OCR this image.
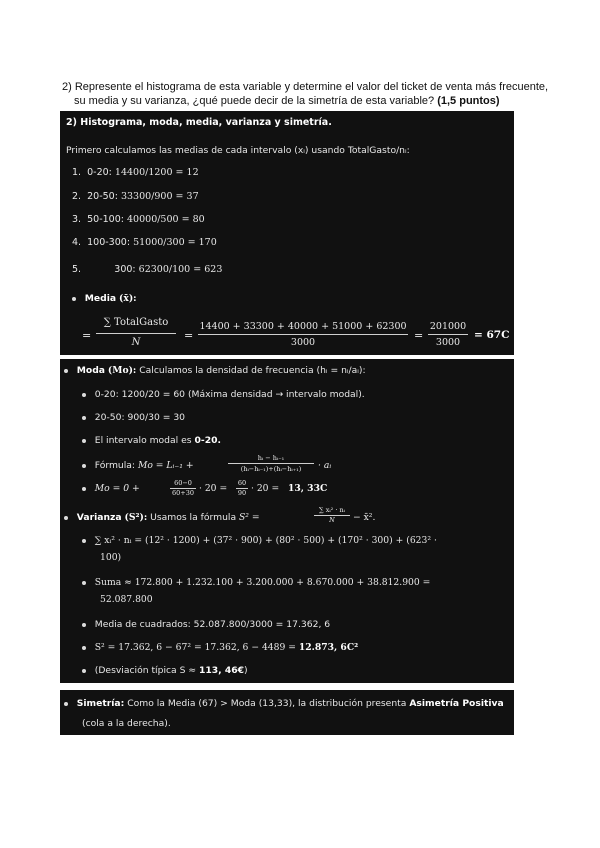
2) Represente el histograma de esta variable y determine el valor del ticket de venta más frecuente,
su media y su varianza, ¿qué puede decir de la simetría de esta variable? (1,5 puntos)
2) Histograma, moda, media, varianza y simetría.
Primero calculamos las medias de cada intervalo (xᵢ) usando TotalGasto/nᵢ:
1. 0-20: 14400/1200 = 12
2. 20-50: 33300/900 = 37
3. 50-100: 40000/500 = 80
4. 100-300: 51000/300 = 170
5.	300: 62300/100 = 623
Media (x̄):
=
∑ TotalGasto
N
=
14400 + 33300 + 40000 + 51000 + 62300
3000
=
201000
3000
= 67C
Moda (Mo): Calculamos la densidad de frecuencia (hᵢ = nᵢ/aᵢ):
0-20: 1200/20 = 60 (Máxima densidad → intervalo modal).
20-50: 900/30 = 30
El intervalo modal es 0-20.
Fórmula: Mo = Lᵢ₋₁ +
hᵢ − hᵢ₋₁
(hᵢ−hᵢ₋₁)+(hᵢ−hᵢ₊₁)	· aᵢ
Mo = 0 +	60−0
60+30 · 20 = 60
90 · 20 = 13, 33C
Varianza (S²): Usamos la fórmula S² =
∑ xᵢ² · nᵢ
N	− x̄².
∑ xᵢ² · nᵢ = (12² · 1200) + (37² · 900) + (80² · 500) + (170² · 300) + (623² ·
100)
Suma ≈ 172.800 + 1.232.100 + 3.200.000 + 8.670.000 + 38.812.900 =
52.087.800
Media de cuadrados: 52.087.800/3000 = 17.362, 6
S² = 17.362, 6 − 67² = 17.362, 6 − 4489 = 12.873, 6C²
(Desviación típica S ≈ 113, 46€)
Simetría: Como la Media (67) > Moda (13,33), la distribución presenta Asimetría Positiva
(cola a la derecha).
